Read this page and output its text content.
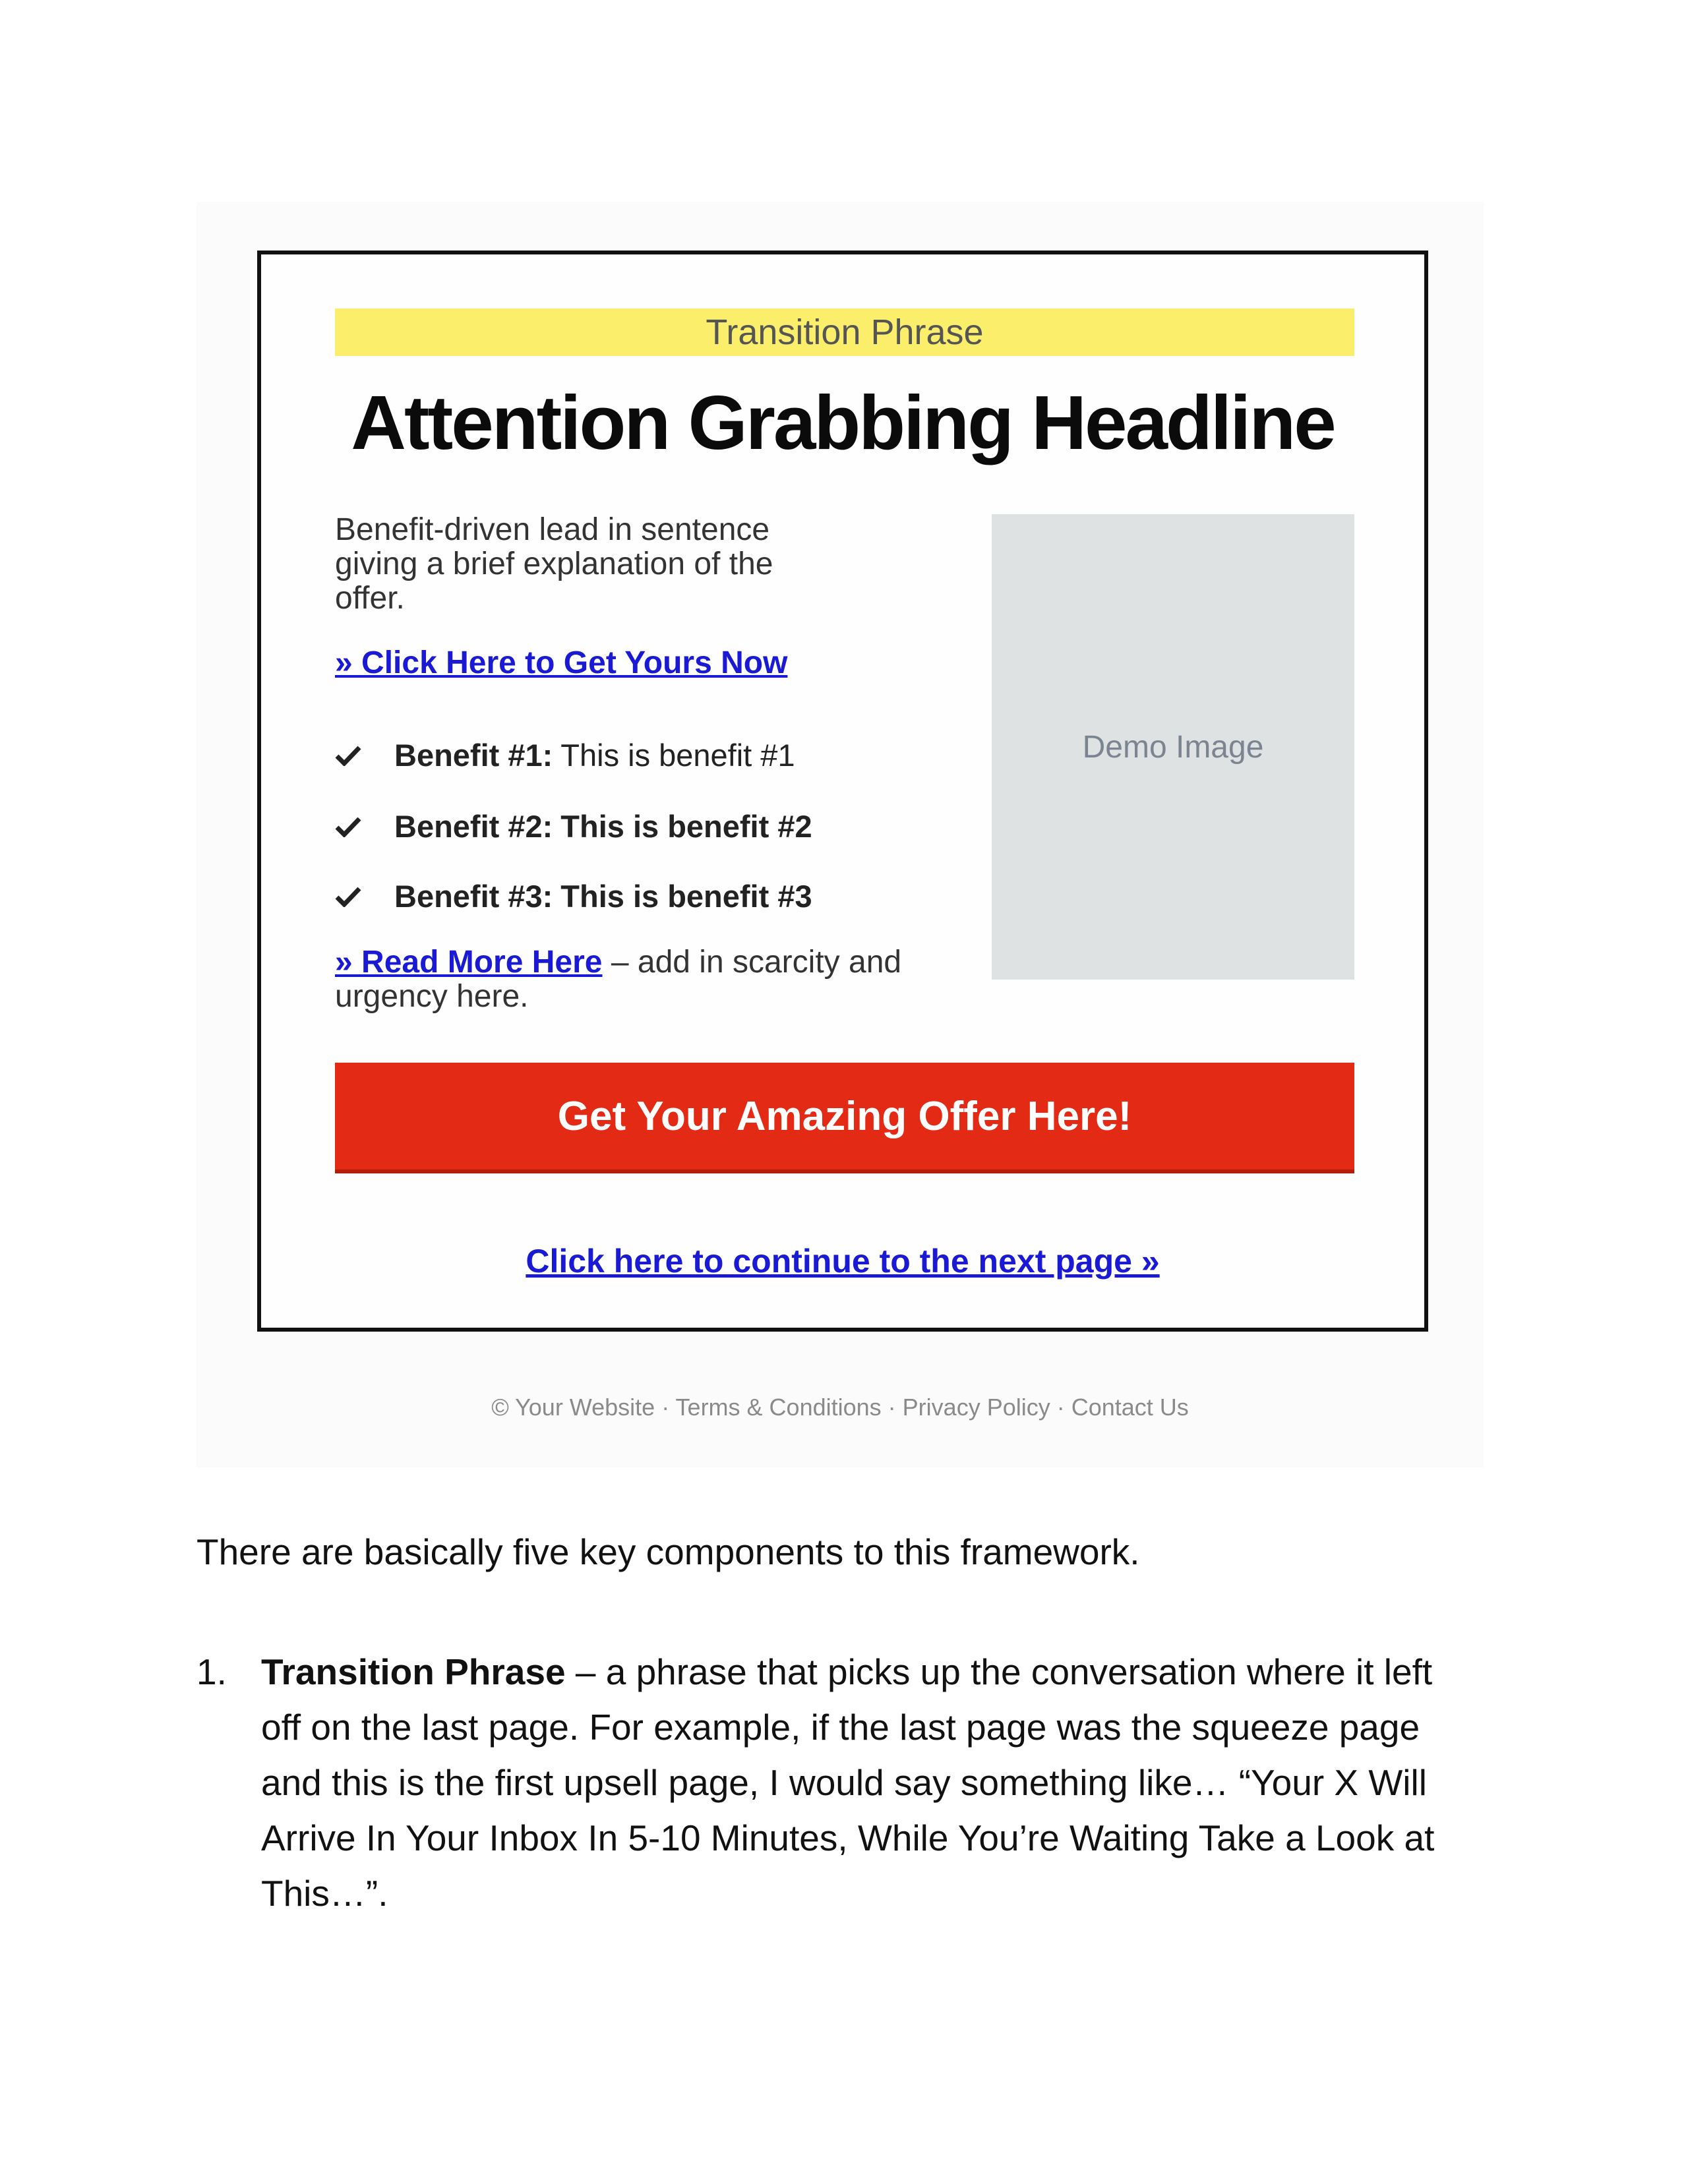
Transition Phrase
Attention Grabbing Headline
Benefit-driven lead in sentence giving a brief explanation of the offer.
» Click Here to Get Yours Now
Benefit #1: This is benefit #1
Benefit #2: This is benefit #2
Benefit #3: This is benefit #3
Demo Image
» Read More Here – add in scarcity and urgency here.
Get Your Amazing Offer Here!
Click here to continue to the next page »
© Your Website · Terms & Conditions · Privacy Policy · Contact Us
There are basically five key components to this framework.
1. Transition Phrase – a phrase that picks up the conversation where it left off on the last page. For example, if the last page was the squeeze page and this is the first upsell page, I would say something like… “Your X Will Arrive In Your Inbox In 5-10 Minutes, While You’re Waiting Take a Look at This…”.
